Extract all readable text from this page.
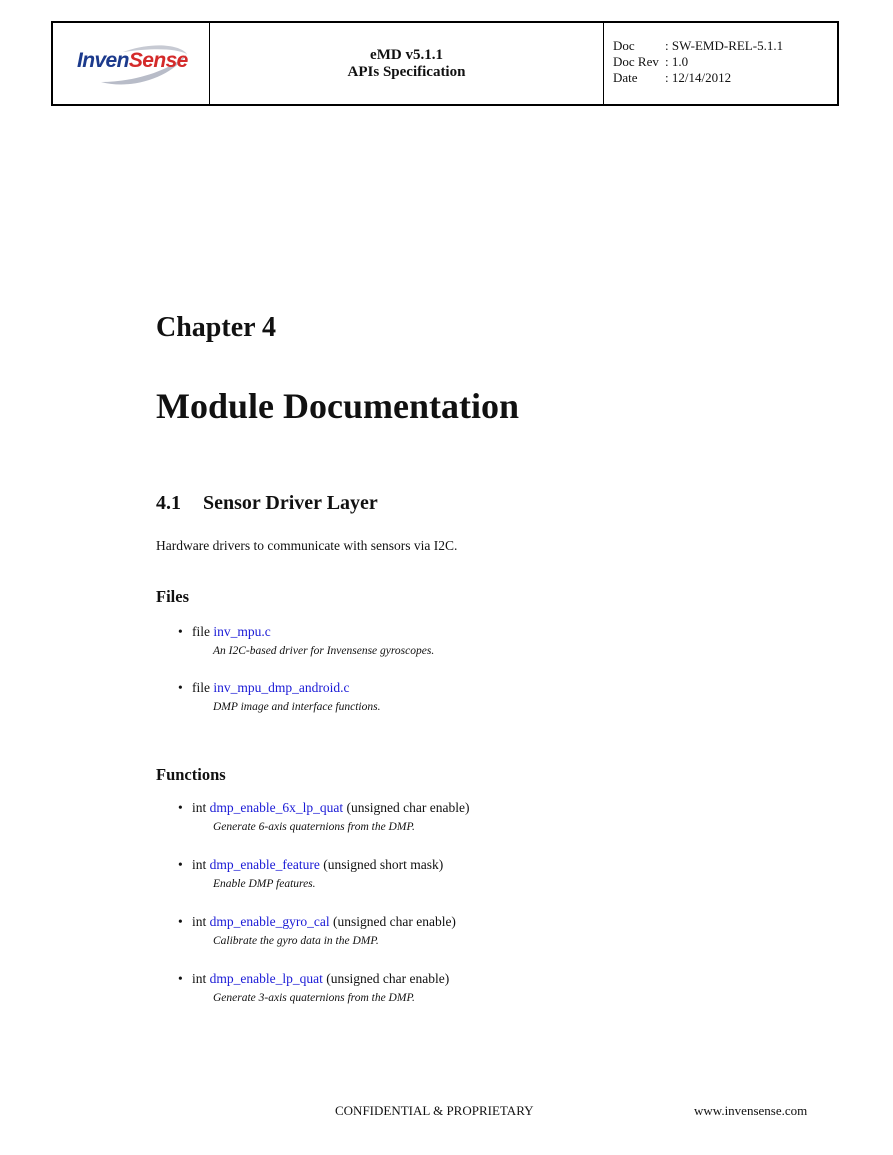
InvenSense	eMD v5.1.1
APIs Specification
Doc	: SW-EMD-REL-5.1.1
Doc Rev : 1.0
Date	: 12/14/2012
Chapter 4
Module Documentation
4.1 Sensor Driver Layer

Hardware drivers to communicate with sensors via I2C.

Files
• file inv_mpu.c
An I2C-based driver for Invensense gyroscopes.
• file inv_mpu_dmp_android.c
DMP image and interface functions.
Functions
• int dmp_enable_6x_lp_quat (unsigned char enable)
Generate 6-axis quaternions from the DMP.
• int dmp_enable_feature (unsigned short mask)
Enable DMP features.
• int dmp_enable_gyro_cal (unsigned char enable)
Calibrate the gyro data in the DMP.
• int dmp_enable_lp_quat (unsigned char enable)
Generate 3-axis quaternions from the DMP.
CONFIDENTIAL & PROPRIETARY	www.invensense.com
